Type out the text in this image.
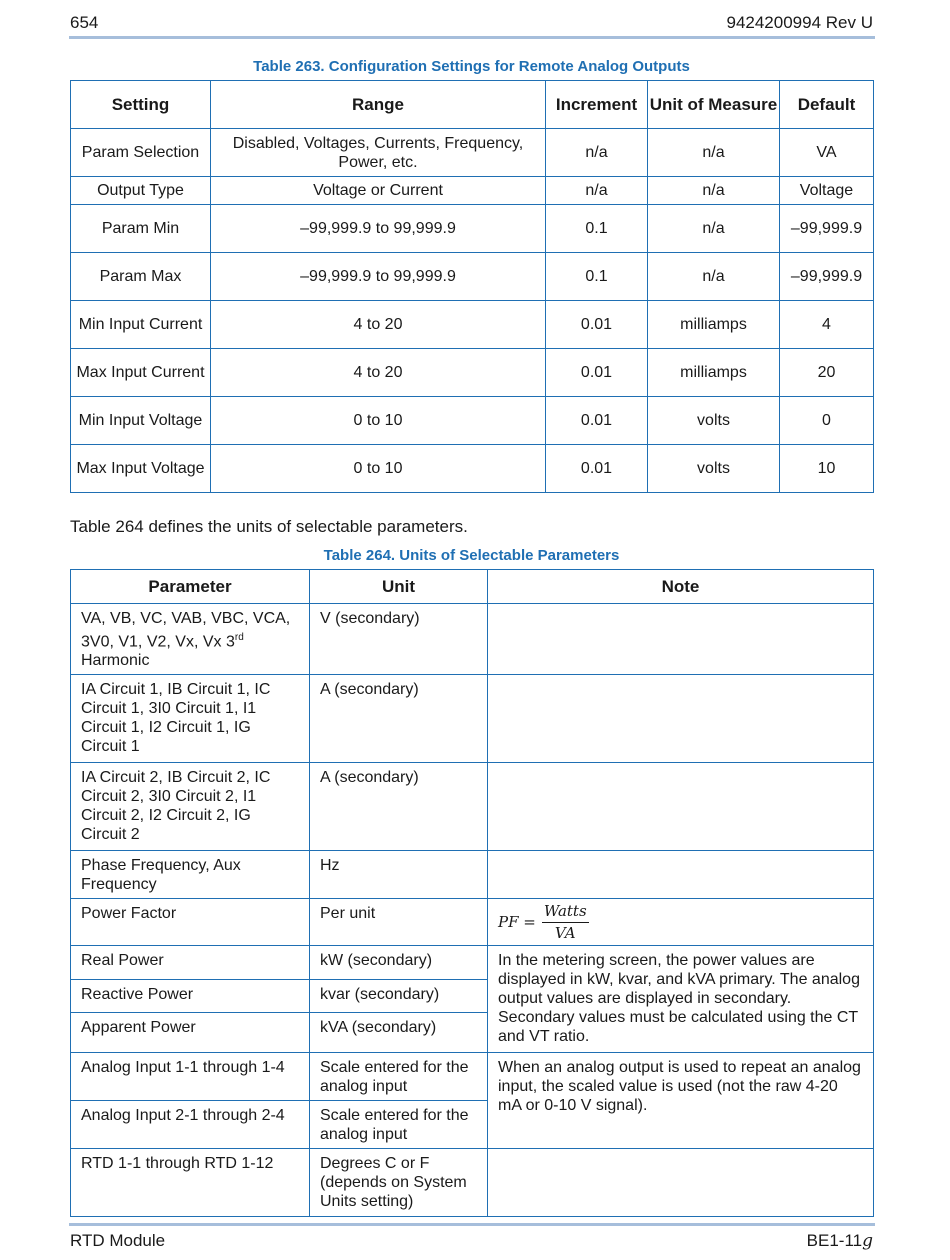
654	9424200994 Rev U
Table 263. Configuration Settings for Remote Analog Outputs
Setting	Range	Increment	Unit of Measure	Default
Param Selection	Disabled, Voltages, Currents, Frequency, Power, etc.	n/a	n/a	VA
Output Type	Voltage or Current	n/a	n/a	Voltage
Param Min	–99,999.9 to 99,999.9	0.1	n/a	–99,999.9
Param Max	–99,999.9 to 99,999.9	0.1	n/a	–99,999.9
Min Input Current	4 to 20	0.01	milliamps	4
Max Input Current	4 to 20	0.01	milliamps	20
Min Input Voltage	0 to 10	0.01	volts	0
Max Input Voltage	0 to 10	0.01	volts	10
Table 264 defines the units of selectable parameters.
Table 264. Units of Selectable Parameters
Parameter	Unit	Note
VA, VB, VC, VAB, VBC, VCA, 3V0, V1, V2, Vx, Vx 3rd Harmonic	V (secondary)	
IA Circuit 1, IB Circuit 1, IC Circuit 1, 3I0 Circuit 1, I1 Circuit 1, I2 Circuit 1, IG Circuit 1	A (secondary)	
IA Circuit 2, IB Circuit 2, IC Circuit 2, 3I0 Circuit 2, I1 Circuit 2, I2 Circuit 2, IG Circuit 2	A (secondary)	
Phase Frequency, Aux Frequency	Hz	
Power Factor	Per unit	PF = $\frac{\text{Watts}}{VA}$

Real Power	kW (secondary)	In the metering screen, the power values are displayed in kW, kvar, and kVA primary. The analog output values are displayed in secondary. Secondary values must be calculated using the CT and VT ratio.
Reactive Power	kvar (secondary)	
Apparent Power	kVA (secondary)	
Analog Input 1-1 through 1-4	Scale entered for the analog input	When an analog output is used to repeat an analog input, the scaled value is used (not the raw 4-20 mA or 0-10 V signal).
Analog Input 2-1 through 2-4	Scale entered for the analog input	
RTD 1-1 through RTD 1-12	Degrees C or F (depends on System Units setting)	
RTD Module	BE1-11g
